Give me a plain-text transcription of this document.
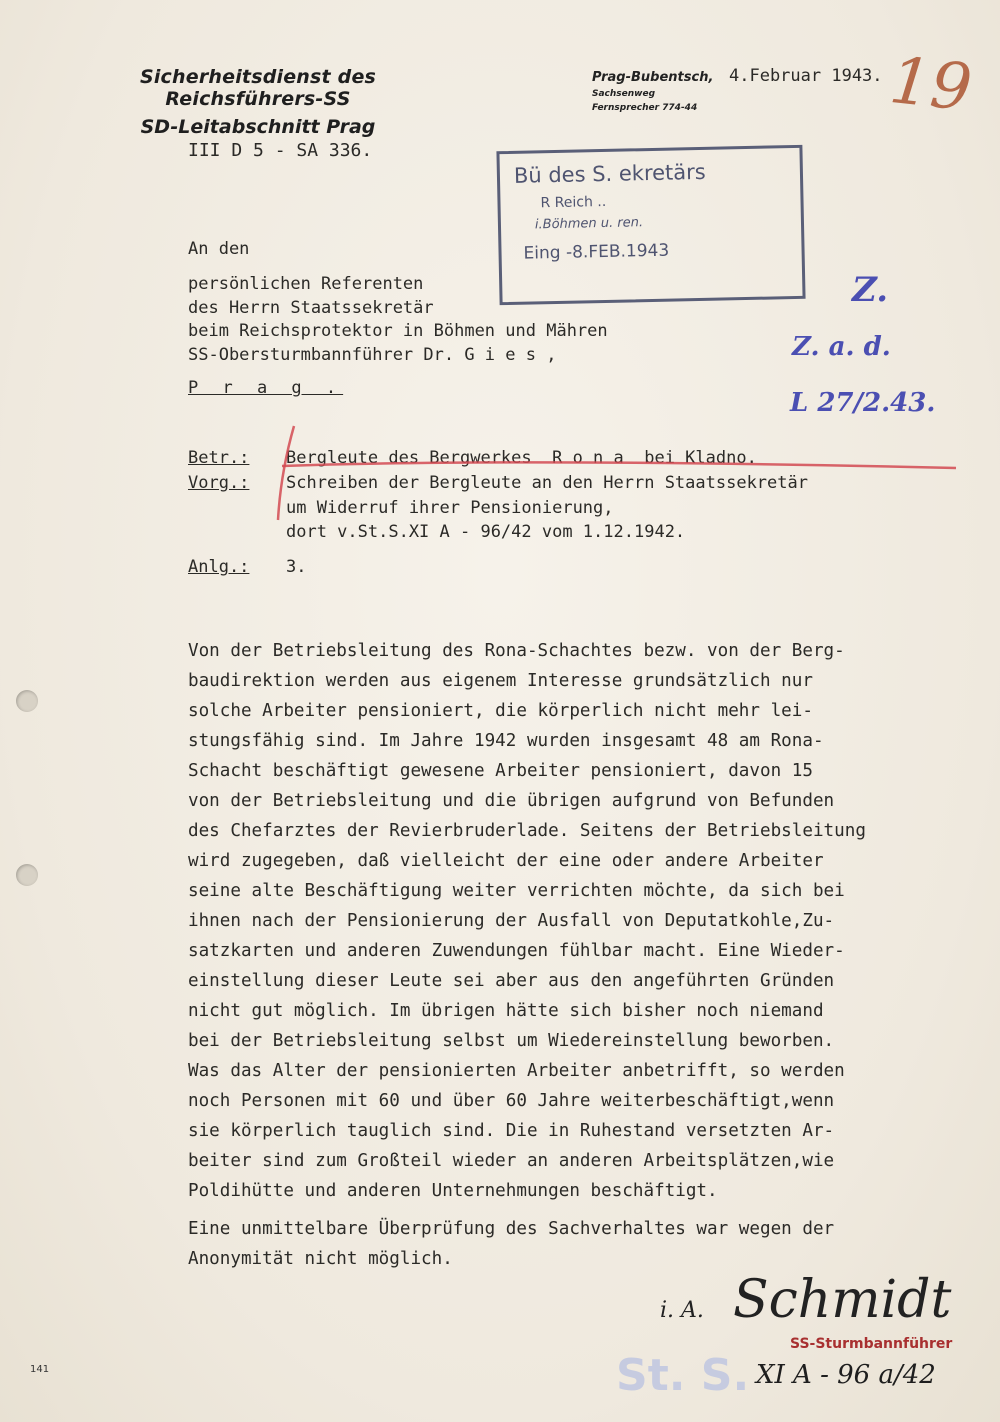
Sicherheitsdienst des Reichsführers-SS
SD-Leitabschnitt Prag
Prag-Bubentsch,
Sachsenweg
Fernsprecher 774-44
4.Februar 1943. 19
III D 5 - SA 336.
Bü des S. ekretärs
R Reich ..
i.Böhmen u. ren.
Eing -8.FEB.1943
An den
persönlichen Referenten
des Herrn Staatssekretär
beim Reichsprotektor in Böhmen und Mähren
SS-Obersturmbannführer Dr. G i e s ,
P r a g .
Z.
Z. a. d.
L 27/2.43.
Betr.:	Bergleute des Bergwerkes  R o n a  bei Kladno.
Vorg.:	Schreiben der Bergleute an den Herrn Staatssekretär
um Widerruf ihrer Pensionierung,
dort v.St.S.XI A - 96/42 vom 1.12.1942.
Anlg.:	3.
Von der Betriebsleitung des Rona-Schachtes bezw. von der Berg-
baudirektion werden aus eigenem Interesse grundsätzlich nur
solche Arbeiter pensioniert, die körperlich nicht mehr lei-
stungsfähig sind. Im Jahre 1942 wurden insgesamt 48 am Rona-
Schacht beschäftigt gewesene Arbeiter pensioniert, davon 15
von der Betriebsleitung und die übrigen aufgrund von Befunden
des Chefarztes der Revierbruderlade. Seitens der Betriebsleitung
wird zugegeben, daß vielleicht der eine oder andere Arbeiter
seine alte Beschäftigung weiter verrichten möchte, da sich bei
ihnen nach der Pensionierung der Ausfall von Deputatkohle,Zu-
satzkarten und anderen Zuwendungen fühlbar macht. Eine Wieder-
einstellung dieser Leute sei aber aus den angeführten Gründen
nicht gut möglich. Im übrigen hätte sich bisher noch niemand
bei der Betriebsleitung selbst um Wiedereinstellung beworben.
Was das Alter der pensionierten Arbeiter anbetrifft, so werden
noch Personen mit 60 und über 60 Jahre weiterbeschäftigt,wenn
sie körperlich tauglich sind. Die in Ruhestand versetzten Ar-
beiter sind zum Großteil wieder an anderen Arbeitsplätzen,wie
Poldihütte und anderen Unternehmungen beschäftigt.
Eine unmittelbare Überprüfung des Sachverhaltes war wegen der
Anonymität nicht möglich.
i. A. Schmidt
St. S.
SS-Sturmbannführer
XI A - 96 a/42
141
